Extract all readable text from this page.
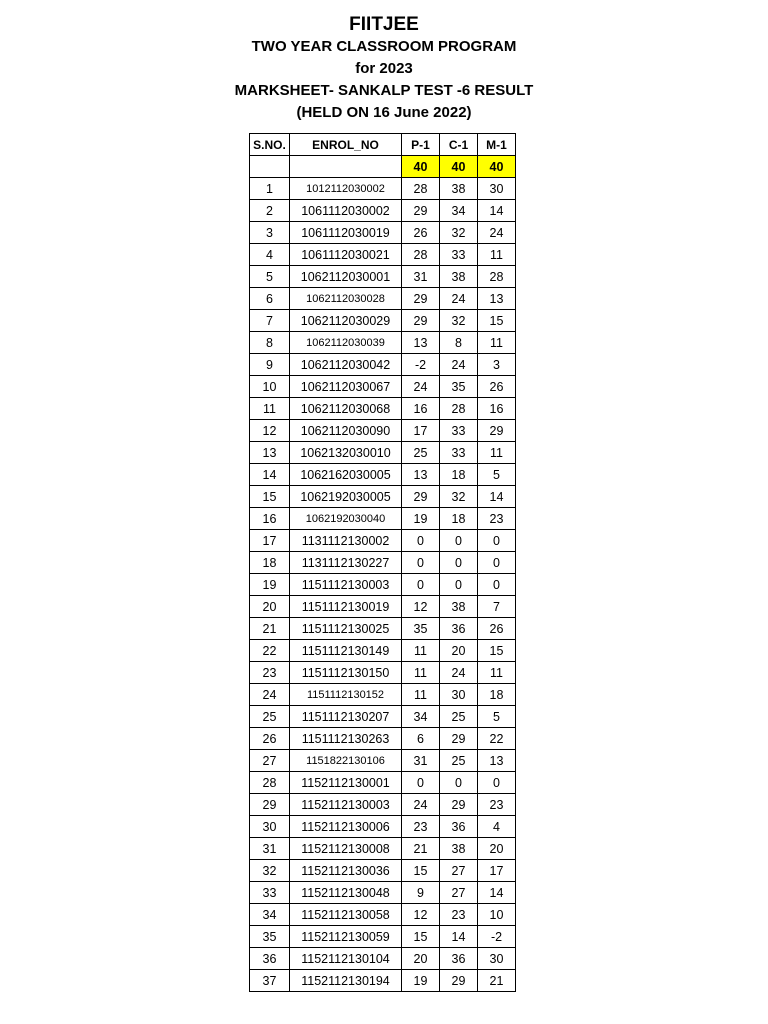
FIITJEE
TWO YEAR CLASSROOM PROGRAM
for 2023
MARKSHEET- SANKALP TEST -6 RESULT
(HELD ON 16 June 2022)
S.NO.	ENROL_NO	P-1	C-1	M-1
		40	40	40
1	1012112030002	28	38	30
2	1061112030002	29	34	14
3	1061112030019	26	32	24
4	1061112030021	28	33	11
5	1062112030001	31	38	28
6	1062112030028	29	24	13
7	1062112030029	29	32	15
8	1062112030039	13	8	11
9	1062112030042	-2	24	3
10	1062112030067	24	35	26
11	1062112030068	16	28	16
12	1062112030090	17	33	29
13	1062132030010	25	33	11
14	1062162030005	13	18	5
15	1062192030005	29	32	14
16	1062192030040	19	18	23
17	1131112130002	0	0	0
18	1131112130227	0	0	0
19	1151112130003	0	0	0
20	1151112130019	12	38	7
21	1151112130025	35	36	26
22	1151112130149	11	20	15
23	1151112130150	11	24	11
24	1151112130152	11	30	18
25	1151112130207	34	25	5
26	1151112130263	6	29	22
27	1151822130106	31	25	13
28	1152112130001	0	0	0
29	1152112130003	24	29	23
30	1152112130006	23	36	4
31	1152112130008	21	38	20
32	1152112130036	15	27	17
33	1152112130048	9	27	14
34	1152112130058	12	23	10
35	1152112130059	15	14	-2
36	1152112130104	20	36	30
37	1152112130194	19	29	21
